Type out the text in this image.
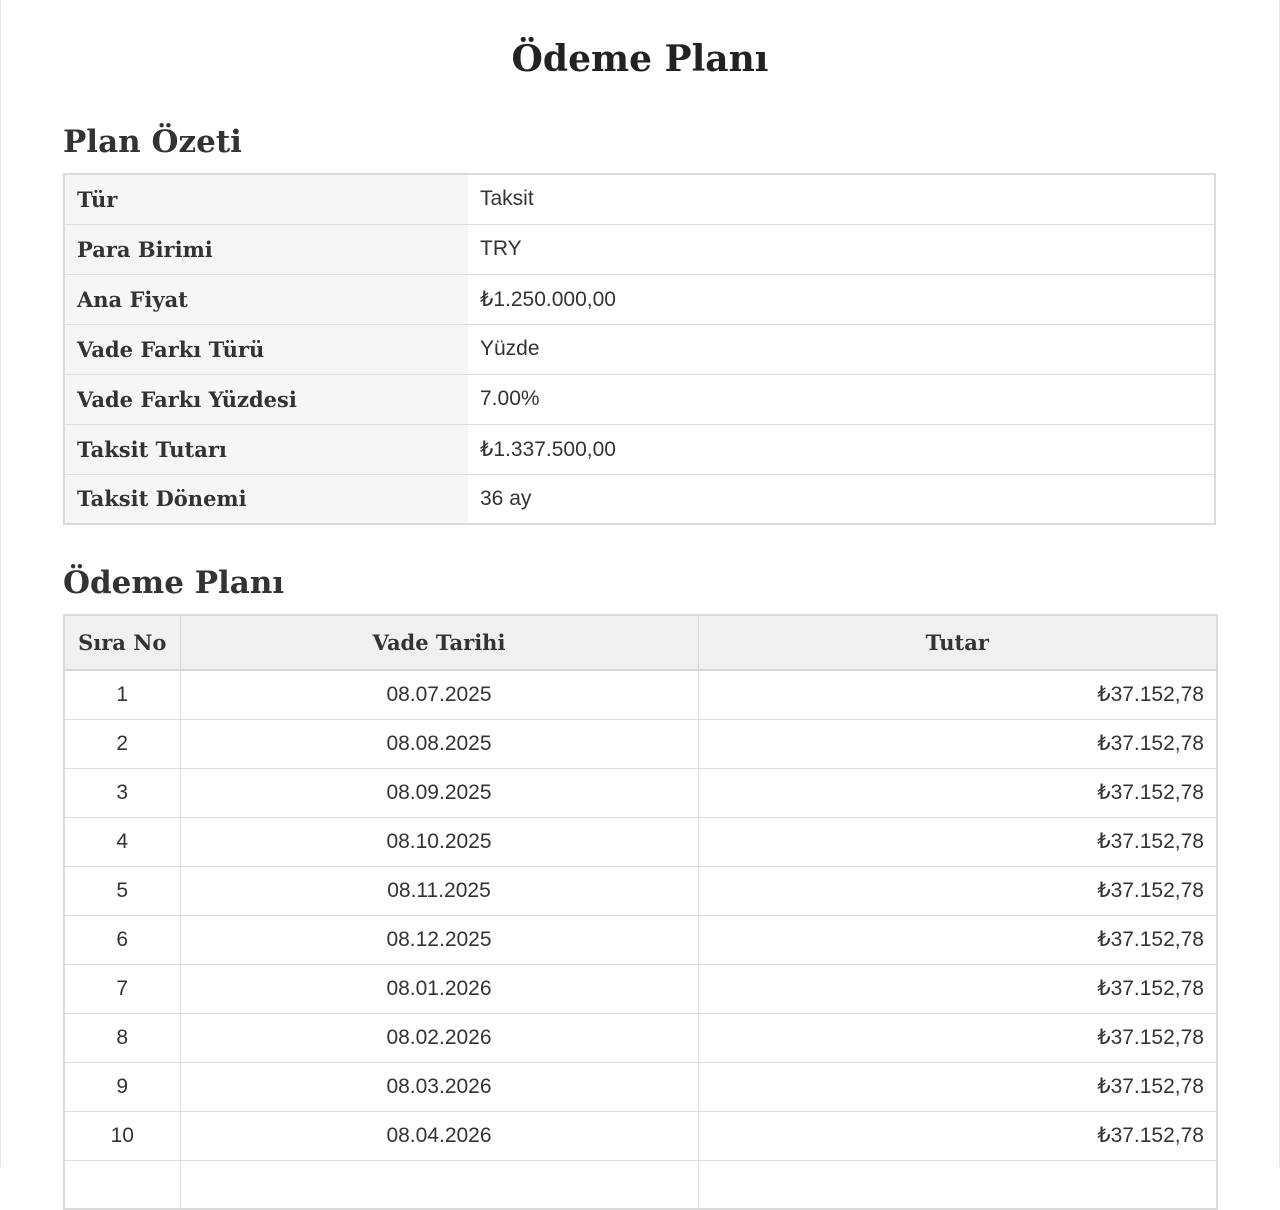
Ödeme Planı
Plan Özeti
Tür	Taksit
Para Birimi	TRY
Ana Fiyat	₺1.250.000,00
Vade Farkı Türü	Yüzde
Vade Farkı Yüzdesi	7.00%
Taksit Tutarı	₺1.337.500,00
Taksit Dönemi	36 ay
Ödeme Planı
Sıra No	Vade Tarihi	Tutar
1	08.07.2025	₺37.152,78
2	08.08.2025	₺37.152,78
3	08.09.2025	₺37.152,78
4	08.10.2025	₺37.152,78
5	08.11.2025	₺37.152,78
6	08.12.2025	₺37.152,78
7	08.01.2026	₺37.152,78
8	08.02.2026	₺37.152,78
9	08.03.2026	₺37.152,78
10	08.04.2026	₺37.152,78
